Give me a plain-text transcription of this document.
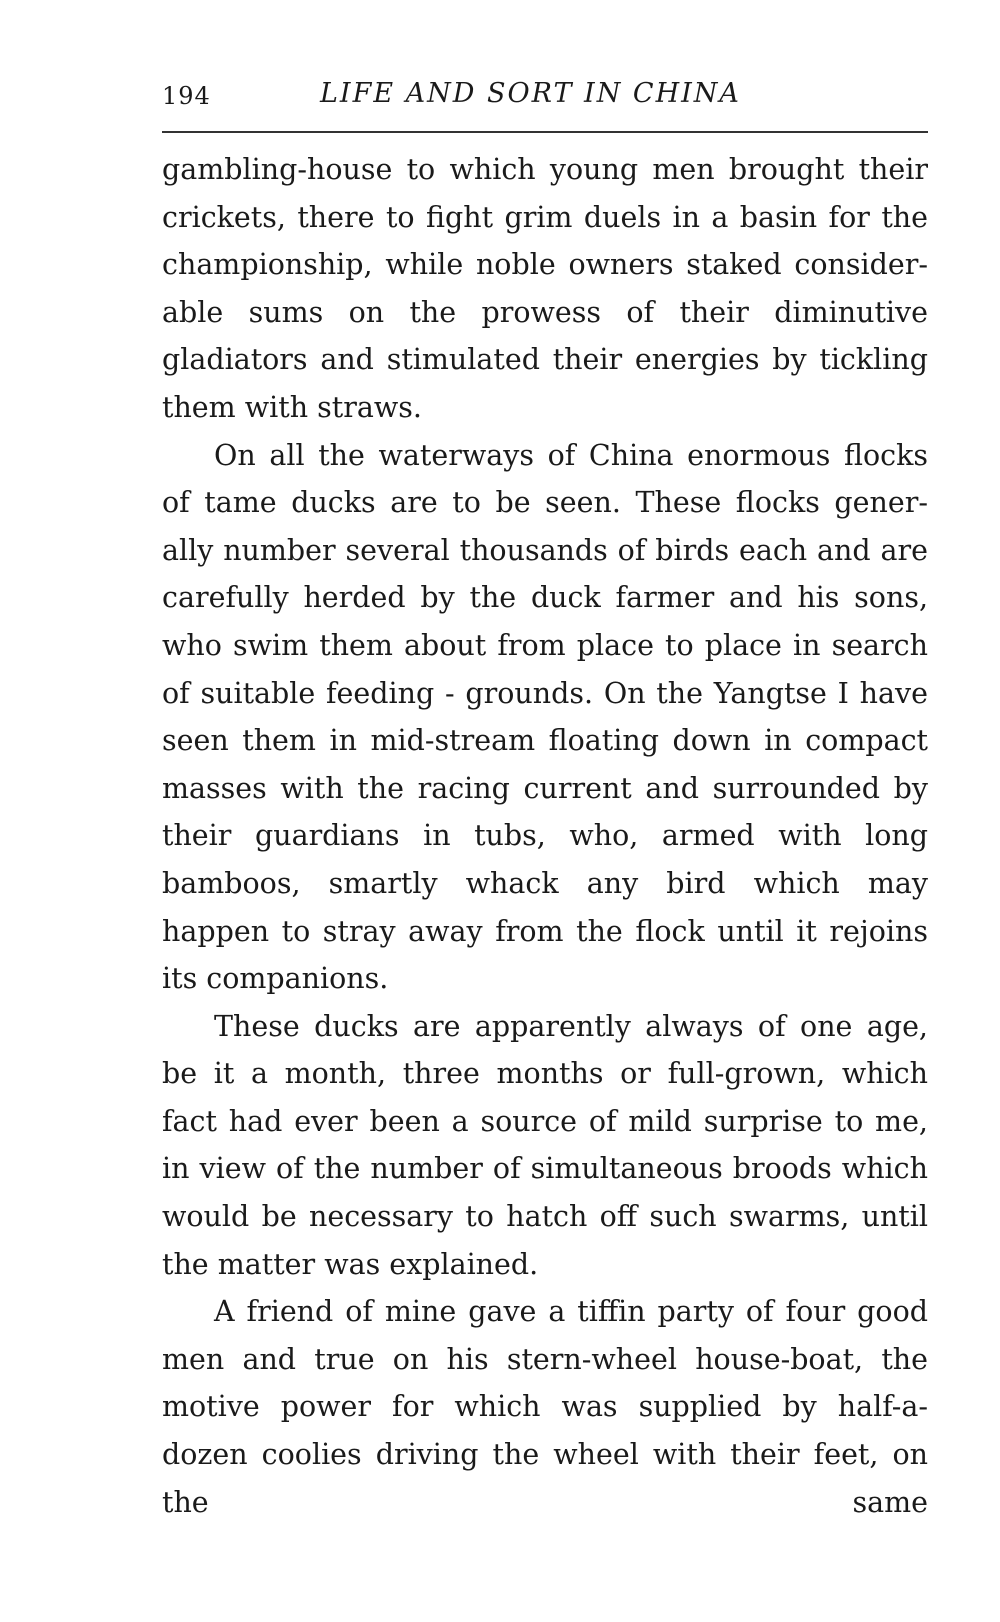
194	LIFE AND SORT IN CHINA

gambling-house to which young men brought their crickets, there to fight grim duels in a basin for the championship, while noble owners staked consider-able sums on the prowess of their diminutive gladiators and stimulated their energies by tickling them with straws.

On all the waterways of China enormous flocks of tame ducks are to be seen. These flocks gener-ally number several thousands of birds each and are carefully herded by the duck farmer and his sons, who swim them about from place to place in search of suitable feeding - grounds. On the Yangtse I have seen them in mid-stream floating down in compact masses with the racing current and surrounded by their guardians in tubs, who, armed with long bamboos, smartly whack any bird which may happen to stray away from the flock until it rejoins its companions.

These ducks are apparently always of one age, be it a month, three months or full-grown, which fact had ever been a source of mild surprise to me, in view of the number of simultaneous broods which would be necessary to hatch off such swarms, until the matter was explained.

A friend of mine gave a tiffin party of four good men and true on his stern-wheel house-boat, the motive power for which was supplied by half-a-dozen coolies driving the wheel with their feet, on the same
